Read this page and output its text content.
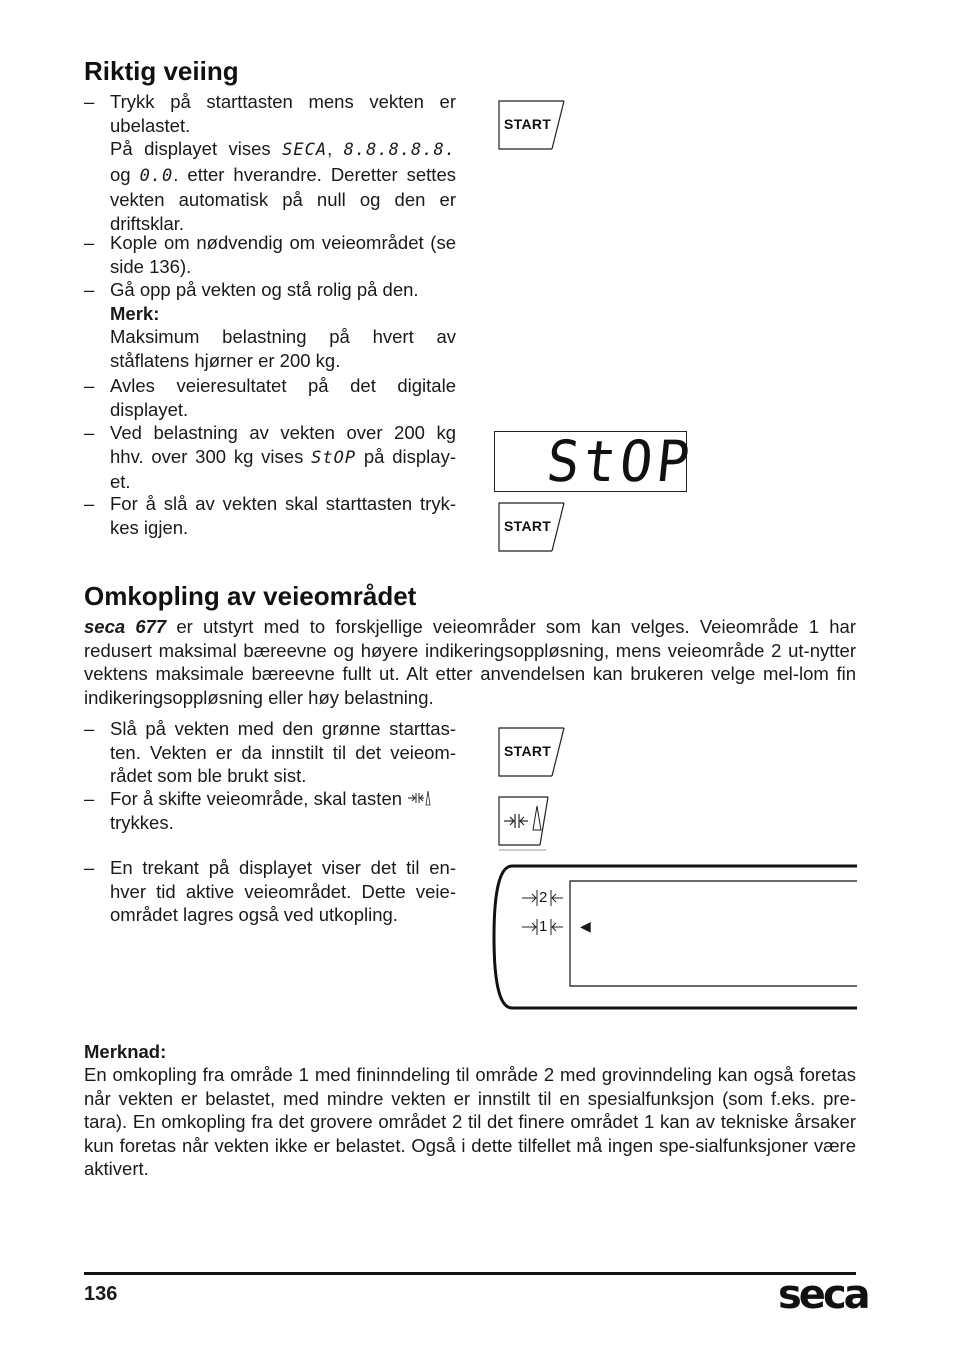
Riktig veiing
– Trykk på starttasten mens vekten er ubelastet.
På displayet vises SECA, 8.8.8.8.8. og 0.0. etter hverandre. Deretter settes vekten automatisk på null og den er driftsklar.
– Kople om nødvendig om veieområdet (se side 136).
– Gå opp på vekten og stå rolig på den.
Merk:
Maksimum belastning på hvert av ståflatens hjørner er 200 kg.
– Avles veieresultatet på det digitale displayet.
– Ved belastning av vekten over 200 kg hhv. over 300 kg vises StOP på display-et.
– For å slå av vekten skal starttasten tryk-kes igjen.
START
StOP
START
Omkopling av veieområdet
seca 677 er utstyrt med to forskjellige veieområder som kan velges. Veieområde 1 har redusert maksimal bæreevne og høyere indikeringsoppløsning, mens veieområde 2 ut-nytter vektens maksimale bæreevne fullt ut. Alt etter anvendelsen kan brukeren velge mel-lom fin indikeringsoppløsning eller høy belastning.
– Slå på vekten med den grønne starttas-ten. Vekten er da innstilt til det veieom-rådet som ble brukt sist.
– For å skifte veieområde, skal tasten
trykkes.
– En trekant på displayet viser det til en-hver tid aktive veieområdet. Dette veie-området lagres også ved utkopling.
START
2
1 ◀
Merknad:
En omkopling fra område 1 med fininndeling til område 2 med grovinndeling kan også foretas når vekten er belastet, med mindre vekten er innstilt til en spesialfunksjon (som f.eks. pre-tara). En omkopling fra det grovere området 2 til det finere området 1 kan av tekniske årsaker kun foretas når vekten ikke er belastet. Også i dette tilfellet må ingen spe-sialfunksjoner være aktivert.
136	seca
